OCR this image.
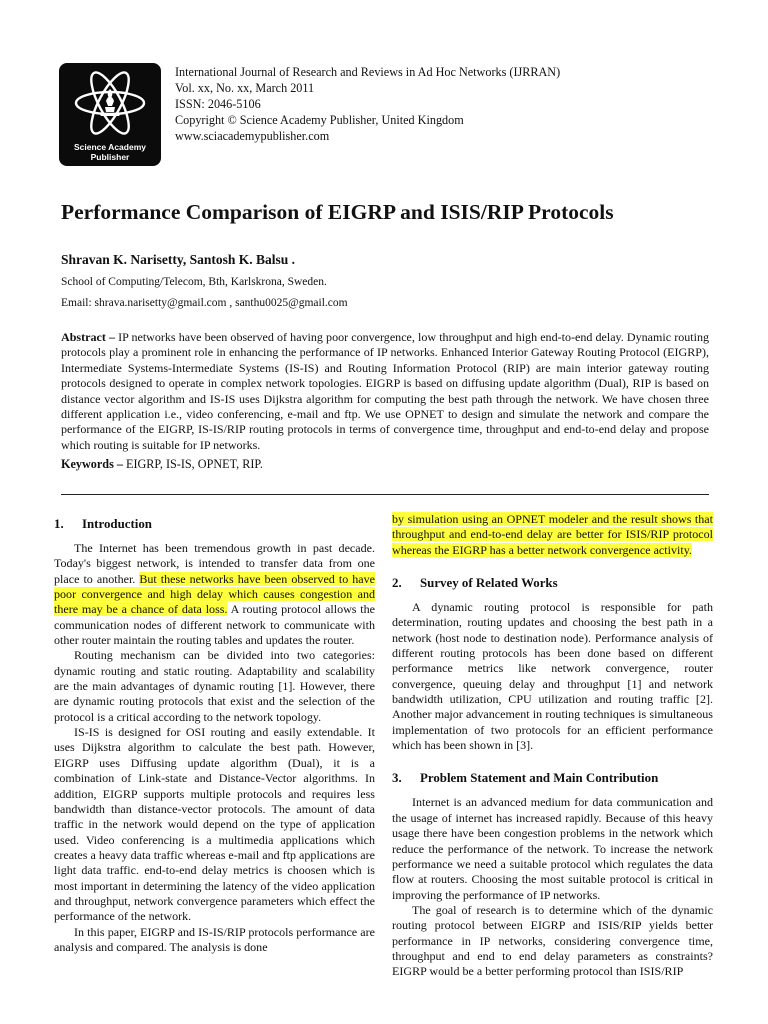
Science Academy
Publisher
International Journal of Research and Reviews in Ad Hoc Networks (IJRRAN)
Vol. xx, No. xx, March 2011
ISSN: 2046-5106
Copyright © Science Academy Publisher, United Kingdom
www.sciacademypublisher.com
Performance Comparison of EIGRP and ISIS/RIP Protocols
Shravan K. Narisetty, Santosh K. Balsu .
School of Computing/Telecom, Bth, Karlskrona, Sweden.
Email: shrava.narisetty@gmail.com , santhu0025@gmail.com
Abstract – IP networks have been observed of having poor convergence, low throughput and high end-to-end delay. Dynamic routing protocols play a prominent role in enhancing the performance of IP networks. Enhanced Interior Gateway Routing Protocol (EIGRP), Intermediate Systems-Intermediate Systems (IS-IS) and Routing Information Protocol (RIP) are main interior gateway routing protocols designed to operate in complex network topologies. EIGRP is based on diffusing update algorithm (Dual), RIP is based on distance vector algorithm and IS-IS uses Dijkstra algorithm for computing the best path through the network. We have chosen three different application i.e., video conferencing, e-mail and ftp. We use OPNET to design and simulate the network and compare the performance of the EIGRP, IS-IS/RIP routing protocols in terms of convergence time, throughput and end-to-end delay and propose which routing is suitable for IP networks.
Keywords – EIGRP, IS-IS, OPNET, RIP.
1. Introduction

The Internet has been tremendous growth in past decade. Today's biggest network, is intended to transfer data from one place to another. But these networks have been observed to have poor convergence and high delay which causes congestion and there may be a chance of data loss. A routing protocol allows the communication nodes of different network to communicate with other router maintain the routing tables and updates the router.

Routing mechanism can be divided into two categories: dynamic routing and static routing. Adaptability and scalability are the main advantages of dynamic routing [1]. However, there are dynamic routing protocols that exist and the selection of the protocol is a critical according to the network topology.

IS-IS is designed for OSI routing and easily extendable. It uses Dijkstra algorithm to calculate the best path. However, EIGRP uses Diffusing update algorithm (Dual), it is a combination of Link-state and Distance-Vector algorithms. In addition, EIGRP supports multiple protocols and requires less bandwidth than distance-vector protocols. The amount of data traffic in the network would depend on the type of application used. Video conferencing is a multimedia applications which creates a heavy data traffic whereas e-mail and ftp applications are light data traffic. end-to-end delay metrics is choosen which is most important in determining the latency of the video application and throughput, network convergence parameters which effect the performance of the network.

In this paper, EIGRP and IS-IS/RIP protocols performance are analysis and compared. The analysis is done

by simulation using an OPNET modeler and the result shows that throughput and end-to-end delay are better for ISIS/RIP protocol whereas the EIGRP has a better network convergence activity.

2. Survey of Related Works

A dynamic routing protocol is responsible for path determination, routing updates and choosing the best path in a network (host node to destination node). Performance analysis of different routing protocols has been done based on different performance metrics like network convergence, router convergence, queuing delay and throughput [1] and network bandwidth utilization, CPU utilization and routing traffic [2]. Another major advancement in routing techniques is simultaneous implementation of two protocols for an efficient performance which has been shown in [3].

3. Problem Statement and Main Contribution

Internet is an advanced medium for data communication and the usage of internet has increased rapidly. Because of this heavy usage there have been congestion problems in the network which reduce the performance of the network. To increase the network performance we need a suitable protocol which regulates the data flow at routers. Choosing the most suitable protocol is critical in improving the performance of IP networks.

The goal of research is to determine which of the dynamic routing protocol between EIGRP and ISIS/RIP yields better performance in IP networks, considering convergence time, throughput and end to end delay parameters as constraints? EIGRP would be a better performing protocol than ISIS/RIP
